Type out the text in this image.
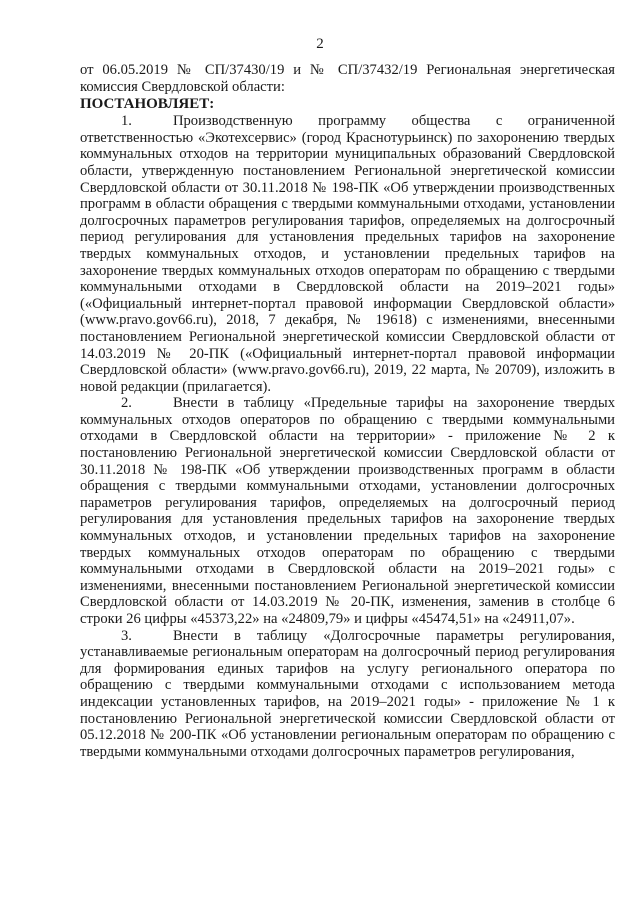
2

от 06.05.2019 № СП/37430/19 и № СП/37432/19 Региональная энергетическая комиссия Свердловской области:

ПОСТАНОВЛЯЕТ:

1.	Производственную программу общества с ограниченной ответственностью «Экотехсервис» (город Краснотурьинск) по захоронению твердых коммунальных отходов на территории муниципальных образований Свердловской области, утвержденную постановлением Региональной энергетической комиссии Свердловской области от 30.11.2018 № 198-ПК «Об утверждении производственных программ в области обращения с твердыми коммунальными отходами, установлении долгосрочных параметров регулирования тарифов, определяемых на долгосрочный период регулирования для установления предельных тарифов на захоронение твердых коммунальных отходов, и установлении предельных тарифов на захоронение твердых коммунальных отходов операторам по обращению с твердыми коммунальными отходами в Свердловской области на 2019–2021 годы» («Официальный интернет-портал правовой информации Свердловской области» (www.pravo.gov66.ru), 2018, 7 декабря, № 19618) с изменениями, внесенными постановлением Региональной энергетической комиссии Свердловской области от 14.03.2019 № 20-ПК («Официальный интернет-портал правовой информации Свердловской области» (www.pravo.gov66.ru), 2019, 22 марта, № 20709), изложить в новой редакции (прилагается).

2.	Внести в таблицу «Предельные тарифы на захоронение твердых коммунальных отходов операторов по обращению с твердыми коммунальными отходами в Свердловской области на территории» - приложение № 2 к постановлению Региональной энергетической комиссии Свердловской области от 30.11.2018 № 198-ПК «Об утверждении производственных программ в области обращения с твердыми коммунальными отходами, установлении долгосрочных параметров регулирования тарифов, определяемых на долгосрочный период регулирования для установления предельных тарифов на захоронение твердых коммунальных отходов, и установлении предельных тарифов на захоронение твердых коммунальных отходов операторам по обращению с твердыми коммунальными отходами в Свердловской области на 2019–2021 годы» с изменениями, внесенными постановлением Региональной энергетической комиссии Свердловской области от 14.03.2019 № 20-ПК, изменения, заменив в столбце 6 строки 26 цифры «45373,22» на «24809,79» и цифры «45474,51» на «24911,07».

3.	Внести в таблицу «Долгосрочные параметры регулирования, устанавливаемые региональным операторам на долгосрочный период регулирования для формирования единых тарифов на услугу регионального оператора по обращению с твердыми коммунальными отходами с использованием метода индексации установленных тарифов, на 2019–2021 годы» - приложение № 1 к постановлению Региональной энергетической комиссии Свердловской области от 05.12.2018 № 200-ПК «Об установлении региональным операторам по обращению с твердыми коммунальными отходами долгосрочных параметров регулирования,
